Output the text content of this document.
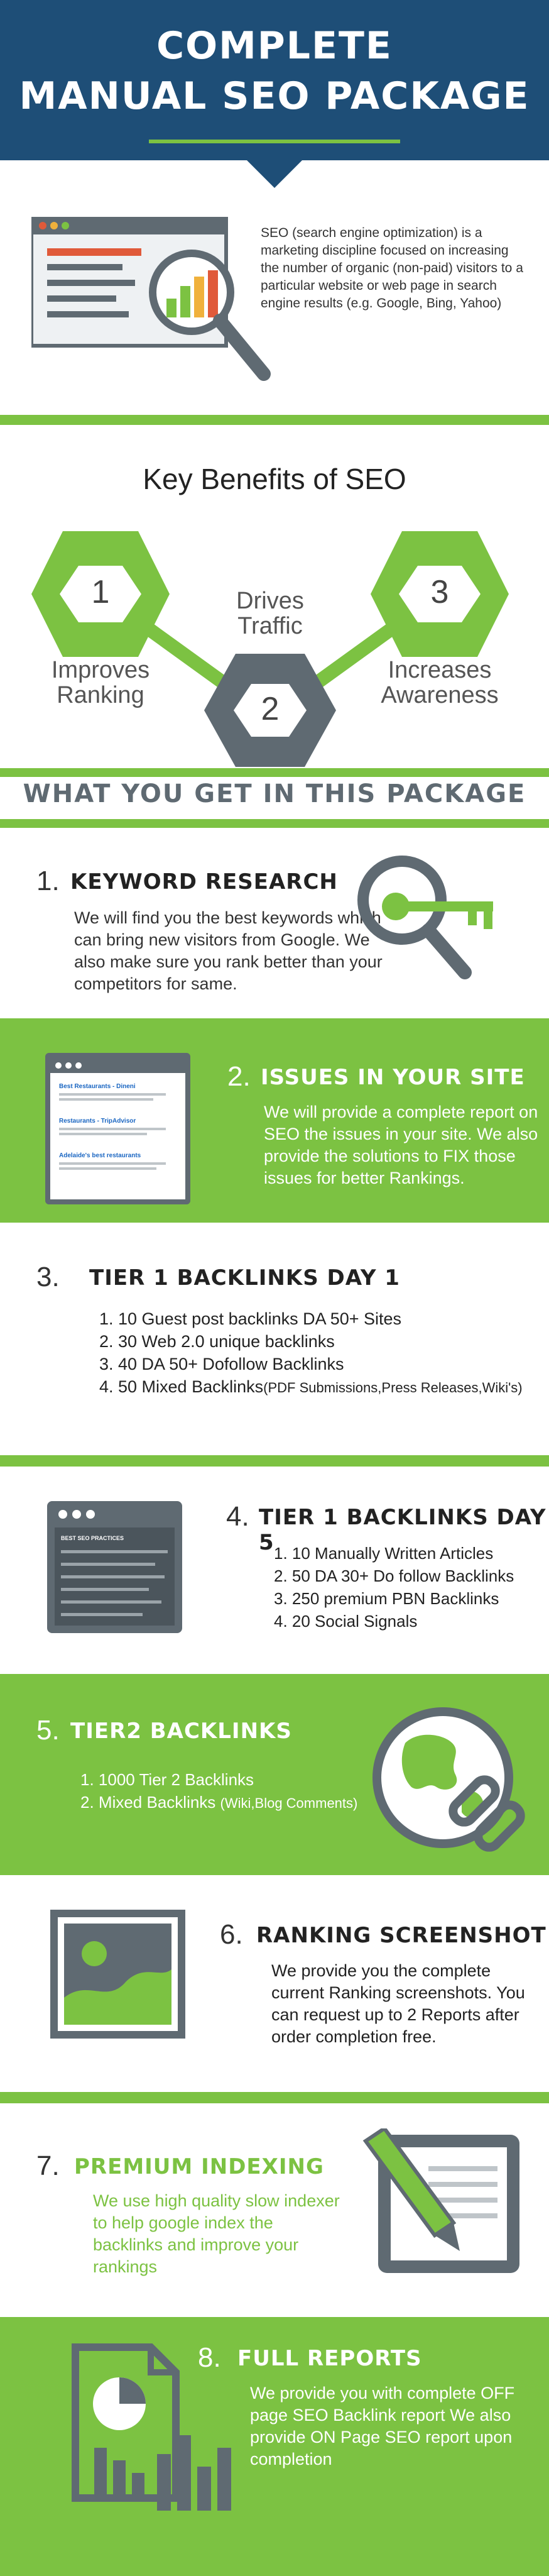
COMPLETE
MANUAL SEO PACKAGE
SEO (search engine optimization) is a marketing discipline focused on increasing the number of organic (non-paid) visitors to a particular website or web page in search engine results (e.g. Google, Bing, Yahoo)
Key Benefits of SEO
1	3
2
Improves
Ranking
Drives
Traffic
Increases
Awareness
WHAT YOU GET IN THIS PACKAGE
1. KEYWORD RESEARCH
We will find you the best keywords which can bring new visitors from Google. We also make sure you rank better than your competitors for same.
Best Restaurants - Dineni
Restaurants - TripAdvisor
Adelaide's best restaurants
2. ISSUES IN YOUR SITE
We will provide a complete report on SEO the issues in your site. We also provide the solutions to FIX those issues for better Rankings.
3. TIER 1 BACKLINKS DAY 1
1. 10 Guest post backlinks DA 50+ Sites
2. 30 Web 2.0 unique backlinks
3. 40 DA 50+ Dofollow Backlinks
4. 50 Mixed Backlinks(PDF Submissions,Press Releases,Wiki's)
BEST SEO PRACTICES
4. TIER 1 BACKLINKS DAY 5 1. 10 Manually Written Articles
2. 50 DA 30+ Do follow Backlinks
3. 250 premium PBN Backlinks
4. 20 Social Signals
5. TIER2 BACKLINKS
1. 1000 Tier 2 Backlinks
2. Mixed Backlinks (Wiki,Blog Comments)
6. RANKING SCREENSHOT
We provide you the complete current Ranking screenshots. You can request up to 2 Reports after order completion free.
7. PREMIUM INDEXING
We use high quality slow indexer to help google index the backlinks and improve your rankings
8. FULL REPORTS
We provide you with complete OFF page SEO Backlink report We also provide ON Page SEO report upon completion
